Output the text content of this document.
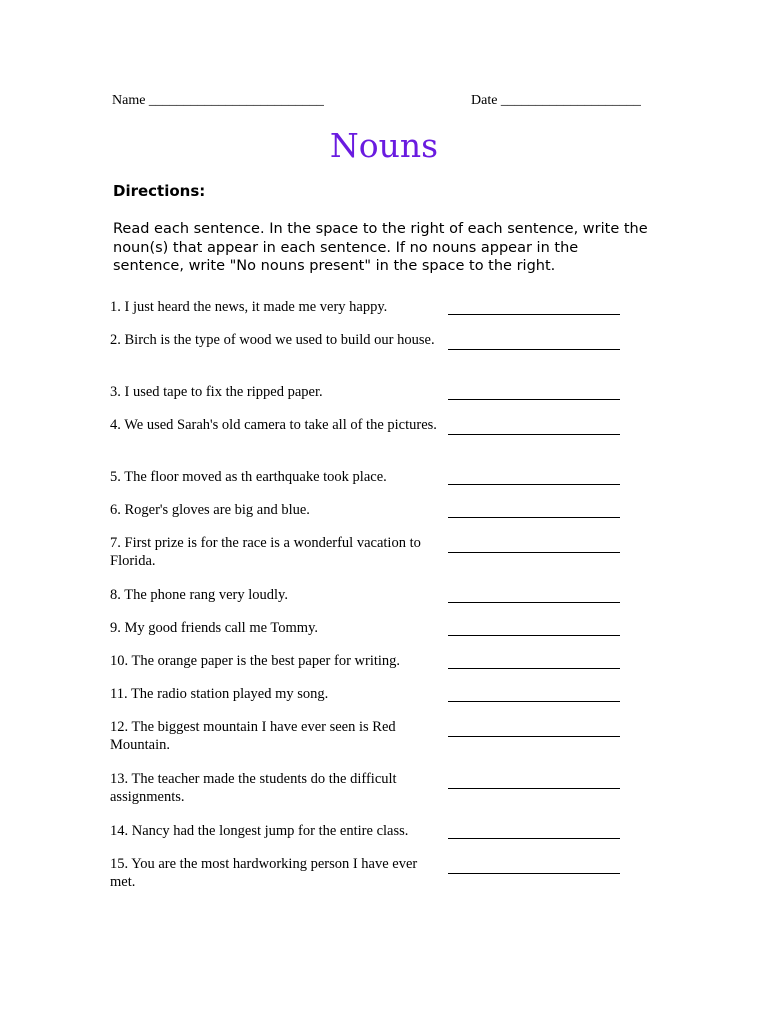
Name _________________________	Date ____________________
Nouns
Directions:
Read each sentence. In the space to the right of each sentence, write the noun(s) that appear in each sentence. If no nouns appear in the sentence, write "No nouns present" in the space to the right.
1. I just heard the news, it made me very happy.
2. Birch is the type of wood we used to build our house.
3. I used tape to fix the ripped paper.
4. We used Sarah's old camera to take all of the pictures.
5. The floor moved as th earthquake took place.
6. Roger's gloves are big and blue.
7. First prize is for the race is a wonderful vacation to Florida.
8. The phone rang very loudly.
9. My good friends call me Tommy.
10. The orange paper is the best paper for writing.
11. The radio station played my song.
12. The biggest mountain I have ever seen is Red Mountain.
13. The teacher made the students do the difficult assignments.
14. Nancy had the longest jump for the entire class.
15. You are the most hardworking person I have ever met.
